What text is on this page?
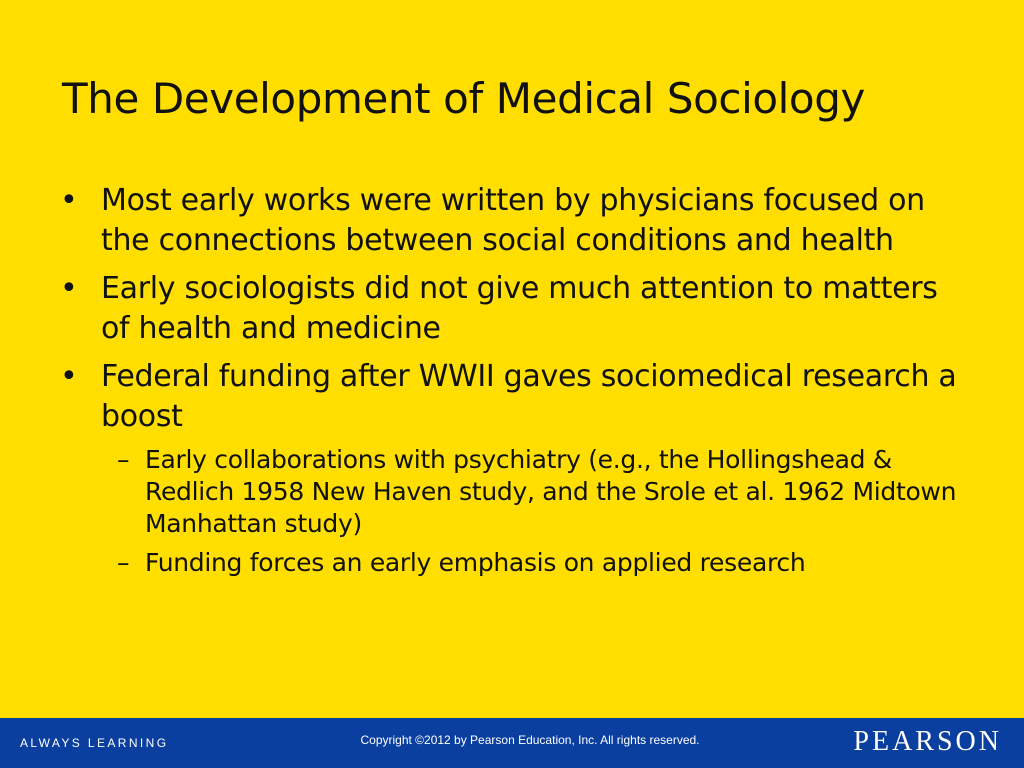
The Development of Medical Sociology
• Most early works were written by physicians focused on the connections between social conditions and health
• Early sociologists did not give much attention to matters of health and medicine
• Federal funding after WWII gaves sociomedical research a boost
– Early collaborations with psychiatry (e.g., the Hollingshead & Redlich 1958 New Haven study, and the Srole et al. 1962 Midtown Manhattan study)
– Funding forces an early emphasis on applied research
ALWAYS LEARNING	Copyright ©2012 by Pearson Education, Inc. All rights reserved.	PEARSON
